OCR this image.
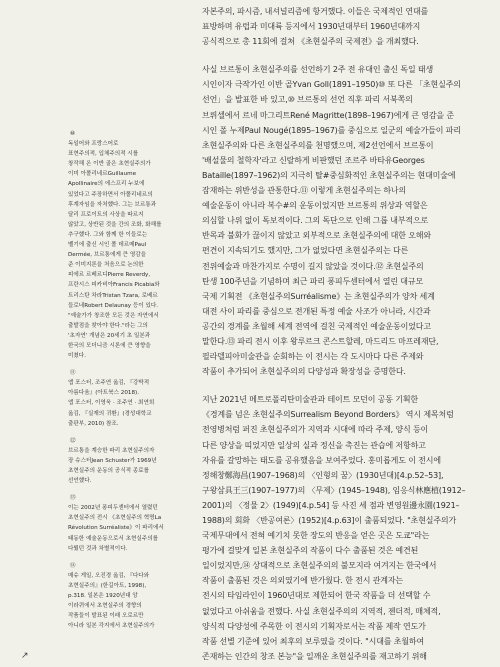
⑩

독일어와 프랑스어로
표현주의적, 입체주의적 시를
창작해 온 이반 골은 초현실주의가
이미 아폴리네르Guillaume
Apollinaire의 에스프리 누보에
있었다고 주장하면서 아폴리네르의
후계자임을 자처했다. 그는 브르통과
달리 프로이트의 사상을 따르지
않았고, 상반된 것을 간의 조화, 화해를
추구했다. 그와 함께 한 이들로는
벨기에 출신 시인 폴 데르메Paul
Dermée, 브르통에게 큰 영감을
준 이미지론을 처음으로 논의한
피에르 르베르디Pierre Reverdy,
프란시스 피카비아Francis Picabia와
트리스탄 차라Tristan Tzara, 로베르
들로네Robert Delaunay 등이 있다.
"예술가가 창조한 모든 것은 자연에서
출발점을 찾아야 한다."라는 그의
'초자연' 개념은 20세기 초 일본과
한국의 모더니즘 시론에 큰 영향을
미쳤다.

⑪

앱 포스터, 조주연 옮김, 『강박적
아름다움』(아트북스 2018).
앱 포스터, 이영욱 · 조주연 · 최연희
옮김, 『실재의 귀환』(경성대학교
출판부, 2010) 참조.

⑫

브르통을 계승한 파리 초현실주의자
장 슈스터Jean Schuster가 1969년
초현실주의 운동의 공식적 종료를
선언했다.

⑬

이는 2002년 퐁피두센터에서 열렸던
초현실주의 전시 《초현실주의 혁명La
Révolution Surréaliste》이 파리에서
태동한 예술운동으로서 초현실주의를
다뤘던 것과 차별적이다.

⑭

매슈 게일, 오진경 옮김, 『다다와
초현실주의』(한길아트, 1998),
p.318. 일본은 1920년대 앙
이라퀴에서 초현실주의 경향의
작품들이 발표된 이래 오로르만
아니라 일본 각지에서 초현실주의가

자본주의, 파시즘, 내셔널리즘에 항거했다. 이들은 국제적인 연대를
표방하며 유럽과 미대륙 등지에서 1930년대부터 1960년대까지
공식적으로 총 11회에 걸쳐 《초현실주의 국제전》을 개최했다.

사실 브르통이 초현실주의를 선언하기 2주 전 유대인 출신 독일 태생
시인이자 극작가인 이반 골Yvan Goll(1891–1950)⑩ 또 다른 「초현실주의
선언」을 발표한 바 있고,⑩ 브르통의 선언 직후 파리 서북쪽의
브뤼셀에서 르네 마그리트René Magritte(1898–1967)에게 큰 영감을 준
시인 폴 누제Paul Nougé(1895–1967)를 중심으로 일군의 예술가들이 파리
초현실주의와 다른 초현실주의를 천명했으며, 제2선언에서 브르통이
'배설물의 철학자'라고 신랄하게 비판했던 조르주 바타유Georges
Bataille(1897–1962)의 지극히 탈#중심화적인 초현실주의는 현대미술에
잠재하는 위반성을 관통한다.⑪ 이렇게 초현실주의는 하나의
예술운동이 아니라 복수#의 운동이었지만 브르통의 위상과 역할은
의심할 나위 없이 독보적이다. 그의 독단으로 인해 그룹 내부적으로
반목과 불화가 끊이지 않았고 외부적으로 초현실주의에 대한 오해와
편견이 지속되기도 했지만, 그가 없었다면 초현실주의는 다른
전위예술과 마찬가지로 수명이 길지 않았을 것이다.⑫ 초현실주의
탄생 100주년을 기념하며 최근 파리 퐁피두센터에서 열린 대규모
국제 기획전 《초현실주의Surréalisme》는 초현실주의가 양차 세계
대전 사이 파리를 중심으로 전개된 특정 예술 사조가 아니라, 시간과
공간의 경계를 초월해 세계 전역에 걸친 국제적인 예술운동이었다고
말한다.⑬ 파리 전시 이후 왕루르크 콘스트할레, 마드리드 마프레재단,
필라델피아미술관을 순회하는 이 전시는 각 도시마다 다른 주제와
작품이 추가되어 초현실주의의 다양성과 확장성을 증명한다.

지난 2021년 메트로폴리탄미술관과 테이트 모던이 공동 기획한
《경계를 넘은 초현실주의Surrealism Beyond Borders》 역시 제목처럼
전영병처럼 퍼진 초현실주의가 지역과 시대에 따라 주제, 양식 등이
다른 양상을 띠었지만 일상의 실과 정신을 촉진는 관습에 저항하고
자유를 갈망하는 태도를 공유했음을 보여주었다. 홍미롭게도 이 전시에
정해창鄭海昌(1907–1968)의 〈인형의 꿈〉(1930년대)[4.p.52–53],
구왕삼具王三(1907–1977)의 〈무제〉(1945–1948), 임응식林應植(1912–
2001)의 〈정물 2〉(1949)[4.p.54] 등 사진 세 점과 변영원邊永園(1921–
1988)의 회화 〈반공여론〉(1952)[4.p.63]이 출품되었다. "초현실주의가
국제무대에서 전혀 예기치 못한 장도의 반응을 얻은 곳은 도쿄"라는
평가에 걸맞게 일본 초현실주의 작품이 다수 출품된 것은 예견된
일이었지만,⑭ 상대적으로 초현실주의의 불모지라 여겨지는 한국에서
작품이 출품된 것은 의외였기에 반가웠다. 한 전시 관계자는
전시의 타임라인이 1960년대로 제한되어 한국 작품을 더 선택할 수
없었다고 아쉬움을 전했다. 사실 초현실주의의 지역적, 젠더적, 매체적,
양식적 다양성에 주목한 이 전시의 기획자로서는 작품 제작 연도가
작품 선별 기준에 있어 최후의 보루였을 것이다. "시대를 초월하여
존재하는 인간의 창조 본능"을 일깨운 초현실주의를 재고하기 위해

↗
